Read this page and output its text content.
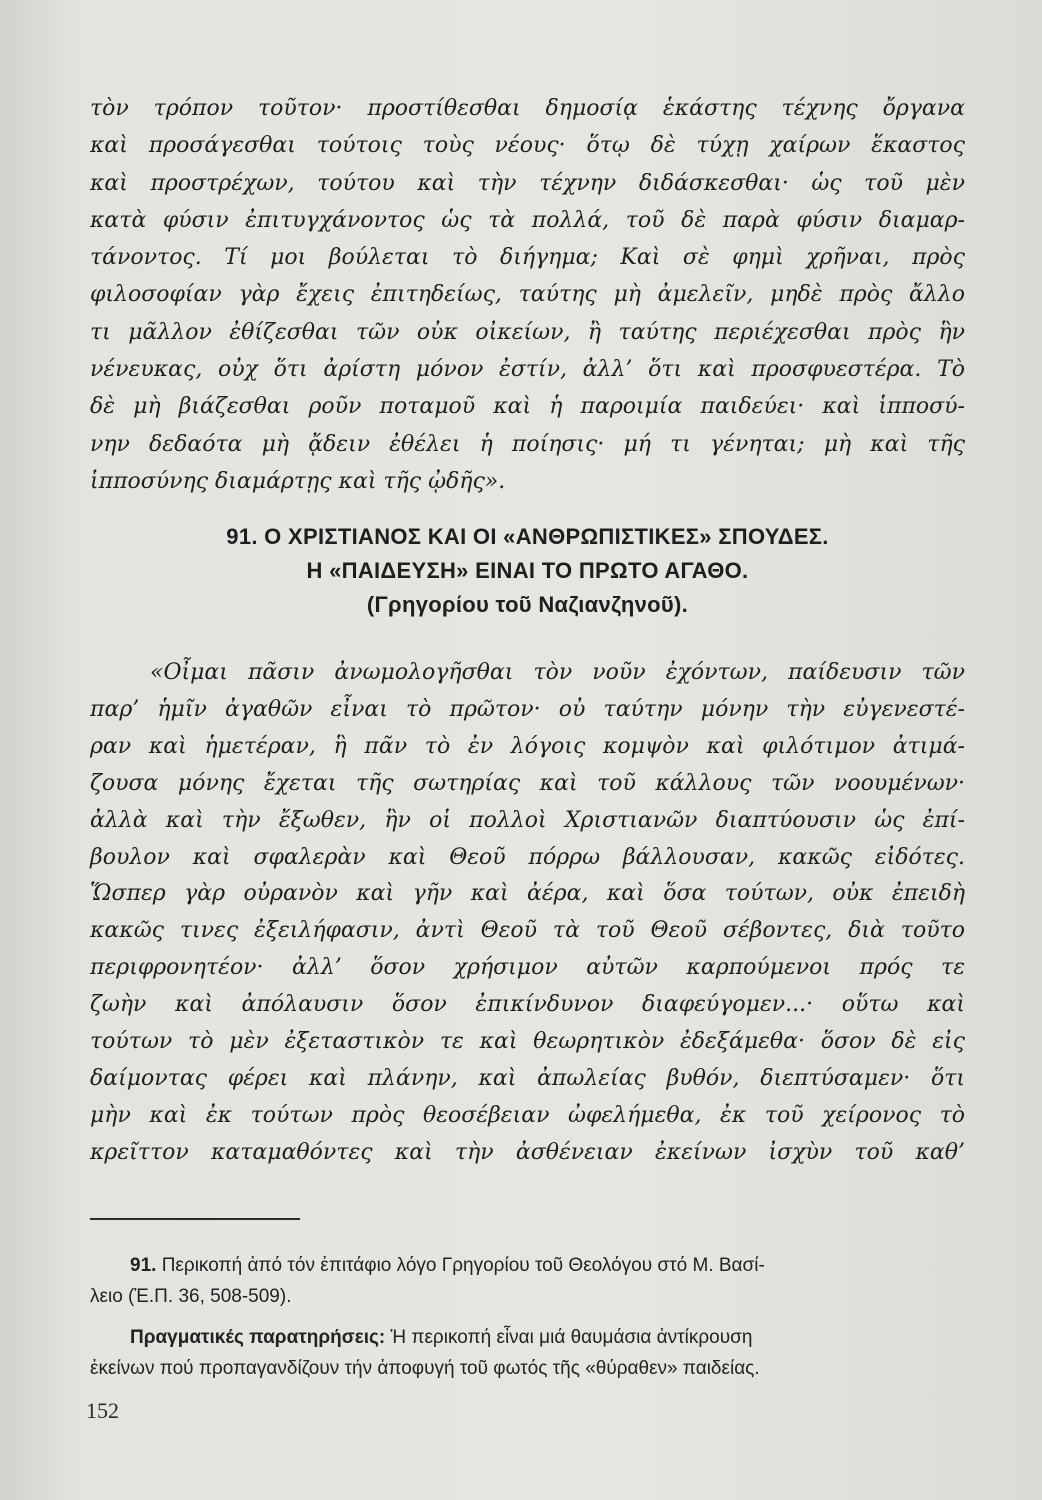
τὸν τρόπον τοῦτον· προστίθεσθαι δημοσίᾳ ἑκάστης τέχνης ὄργανα
καὶ προσάγεσθαι τούτοις τοὺς νέους· ὅτῳ δὲ τύχῃ χαίρων ἕκαστος
καὶ προστρέχων, τούτου καὶ τὴν τέχνην διδάσκεσθαι· ὡς τοῦ μὲν
κατὰ φύσιν ἐπιτυγχάνοντος ὡς τὰ πολλά, τοῦ δὲ παρὰ φύσιν διαμαρ-
τάνοντος. Τί μοι βούλεται τὸ διήγημα; Καὶ σὲ φημὶ χρῆναι, πρὸς
φιλοσοφίαν γὰρ ἔχεις ἐπιτηδείως, ταύτης μὴ ἀμελεῖν, μηδὲ πρὸς ἄλλο
τι μᾶλλον ἐθίζεσθαι τῶν οὐκ οἰκείων, ἢ ταύτης περιέχεσθαι πρὸς ἣν
νένευκας, οὐχ ὅτι ἀρίστη μόνον ἐστίν, ἀλλ’ ὅτι καὶ προσφυεστέρα. Τὸ
δὲ μὴ βιάζεσθαι ροῦν ποταμοῦ καὶ ἡ παροιμία παιδεύει· καὶ ἱπποσύ-
νην δεδαότα μὴ ᾄδειν ἐθέλει ἡ ποίησις· μή τι γένηται; μὴ καὶ τῆς
ἱπποσύνης διαμάρτῃς καὶ τῆς ᾠδῆς».
91. Ο ΧΡΙΣΤΙΑΝΟΣ ΚΑΙ ΟΙ «ΑΝΘΡΩΠΙΣΤΙΚΕΣ» ΣΠΟΥΔΕΣ.
Η «ΠΑΙΔΕΥΣΗ» ΕΙΝΑΙ ΤΟ ΠΡΩΤΟ ΑΓΑΘΟ.
(Γρηγορίου τοῦ Ναζιανζηνοῦ).
«Οἶμαι πᾶσιν ἀνωμολογῆσθαι τὸν νοῦν ἐχόντων, παίδευσιν τῶν
παρ’ ἡμῖν ἀγαθῶν εἶναι τὸ πρῶτον· οὐ ταύτην μόνην τὴν εὐγενεστέ-
ραν καὶ ἡμετέραν, ἣ πᾶν τὸ ἐν λόγοις κομψὸν καὶ φιλότιμον ἀτιμά-
ζουσα μόνης ἔχεται τῆς σωτηρίας καὶ τοῦ κάλλους τῶν νοουμένων·
ἀλλὰ καὶ τὴν ἔξωθεν, ἣν οἱ πολλοὶ Χριστιανῶν διαπτύουσιν ὡς ἐπί-
βουλον καὶ σφαλερὰν καὶ Θεοῦ πόρρω βάλλουσαν, κακῶς εἰδότες.
Ὥσπερ γὰρ οὐρανὸν καὶ γῆν καὶ ἀέρα, καὶ ὅσα τούτων, οὐκ ἐπειδὴ
κακῶς τινες ἐξειλήφασιν, ἀντὶ Θεοῦ τὰ τοῦ Θεοῦ σέβοντες, διὰ τοῦτο
περιφρονητέον· ἀλλ’ ὅσον χρήσιμον αὐτῶν καρπούμενοι πρός τε
ζωὴν καὶ ἀπόλαυσιν ὅσον ἐπικίνδυνον διαφεύγομεν...· οὕτω καὶ
τούτων τὸ μὲν ἐξεταστικὸν τε καὶ θεωρητικὸν ἐδεξάμεθα· ὅσον δὲ εἰς
δαίμοντας φέρει καὶ πλάνην, καὶ ἀπωλείας βυθόν, διεπτύσαμεν· ὅτι
μὴν καὶ ἐκ τούτων πρὸς θεοσέβειαν ὠφελήμεθα, ἐκ τοῦ χείρονος τὸ
κρεῖττον καταμαθόντες καὶ τὴν ἀσθένειαν ἐκείνων ἰσχὺν τοῦ καθ’
91. Περικοπή ἀπό τόν ἐπιτάφιο λόγο Γρηγορίου τοῦ Θεολόγου στό Μ. Βασί-
λειο (Ἑ.Π. 36, 508-509).
Πραγματικές παρατηρήσεις: Ἡ περικοπή εἶναι μιά θαυμάσια ἀντίκρουση
ἐκείνων πού προπαγανδίζουν τήν ἀποφυγή τοῦ φωτός τῆς «θύραθεν» παιδείας.
152
